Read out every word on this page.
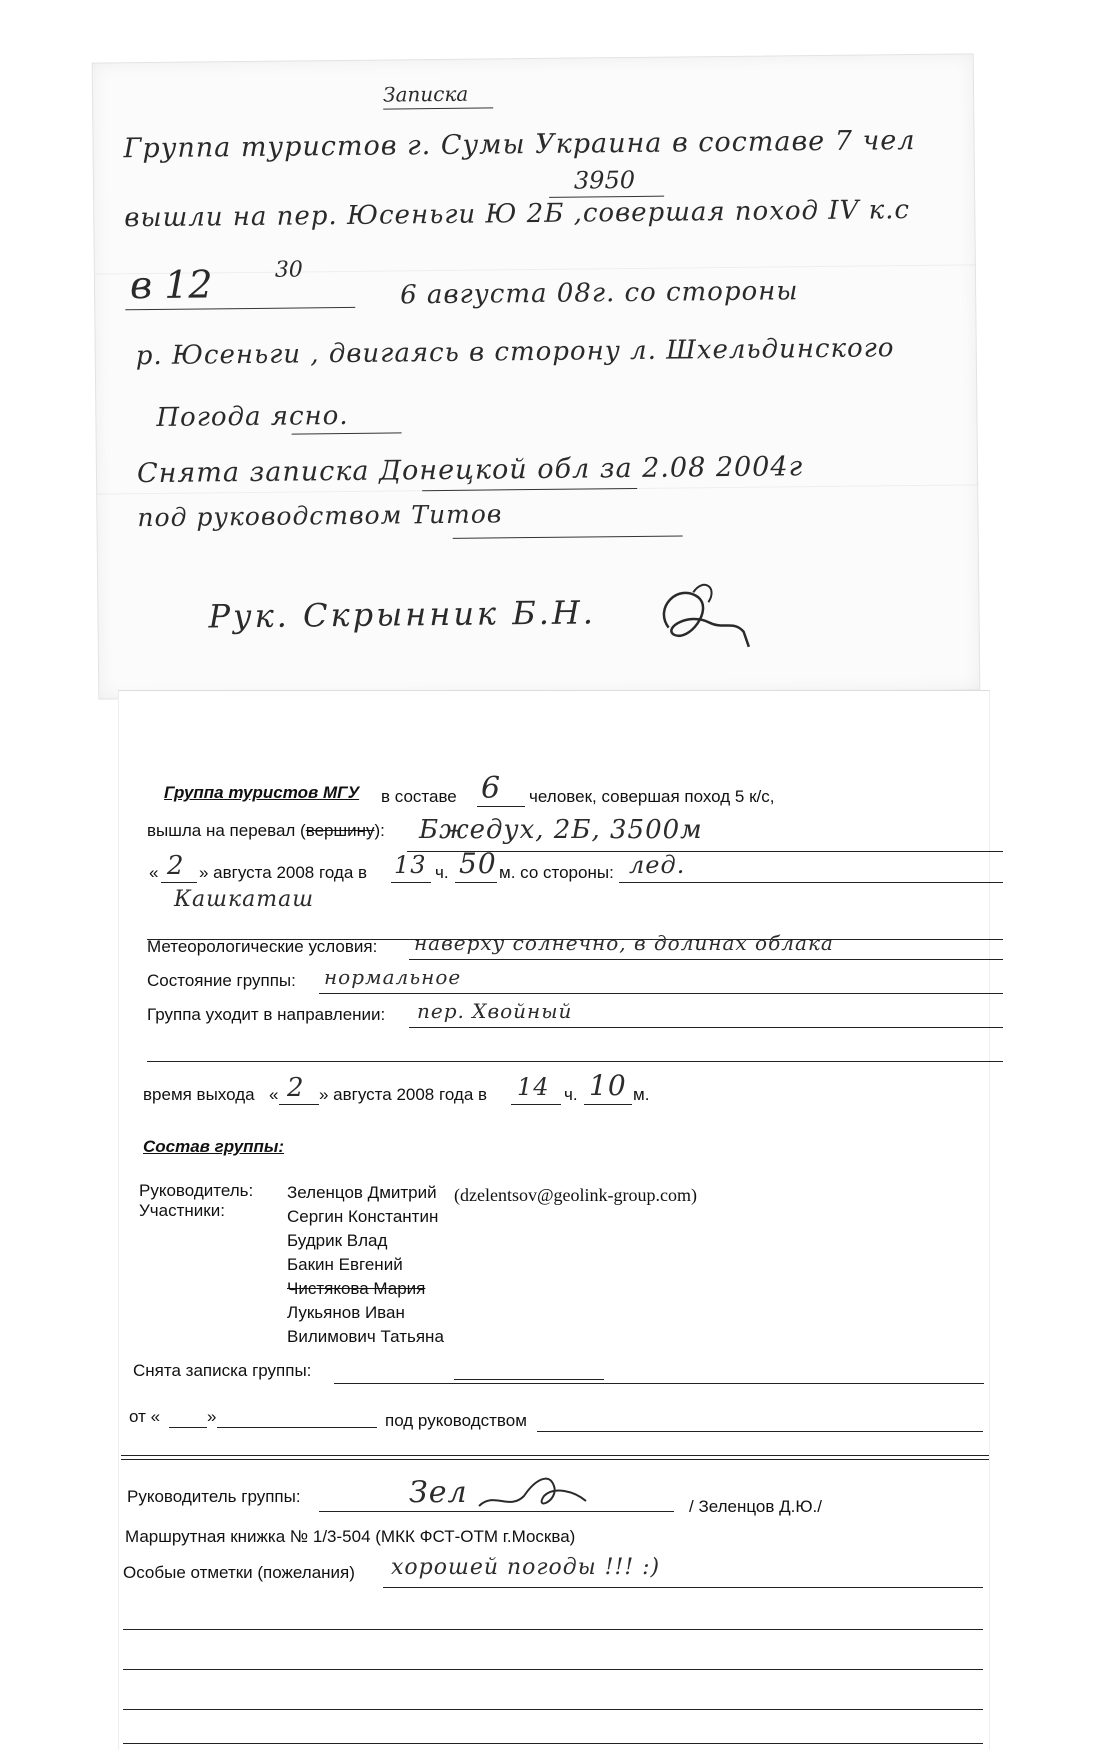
Записка
Группа туристов г. Сумы Украина в составе 7 чел
3950
вышли на пер. Юсеньги Ю 2Б ,совершая поход IV к.с
в 12	30
6 августа 08г. со стороны
р. Юсеньги , двигаясь в сторону л. Шхельдинского
Погода ясно.
Снята записка Донецкой обл за 2.08 2004г
под руководством Титов
Рук. Скрынник Б.Н.
Группа туристов МГУ в составе 6 человек, совершая поход 5 к/с,
вышла на перевал (вершину): Бжедух, 2Б, 3500м
« 2 » августа 2008 года в 13 ч. 50 м. со стороны: лед.
Кашкаташ
Метеорологические условия: наверху солнечно, в долинах облака
Состояние группы: нормальное
Группа уходит в направлении: пер. Хвойный
время выхода « 2 » августа 2008 года в 14 ч. 10 м.
Состав группы:
Руководитель: Зеленцов Дмитрий (dzelentsov@geolink-group.com)
Участники:	Сергин Константин
Будрик Влад
Бакин Евгений
Чистякова Мария
Лукьянов Иван
Вилимович Татьяна
Снята записка группы:
от «	»	под руководством
Руководитель группы:	Зел	/ Зеленцов Д.Ю./
Маршрутная книжка № 1/3-504 (МКК ФСТ-ОТМ г.Москва)
Особые отметки (пожелания) хорошей погоды !!! :)
